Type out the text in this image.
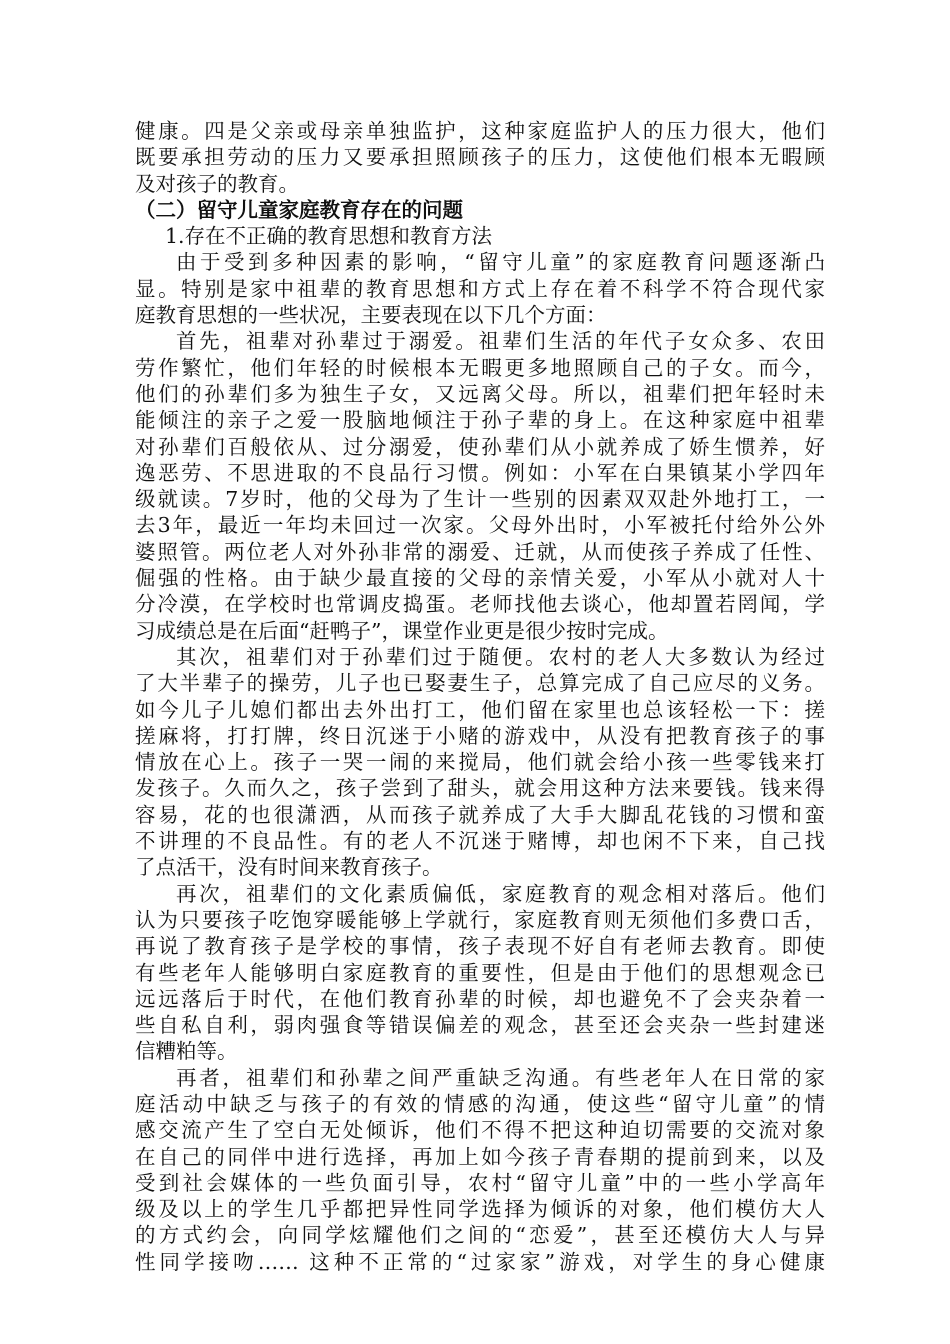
健康。四是父亲或母亲单独监护，这种家庭监护人的压力很大，他们
既要承担劳动的压力又要承担照顾孩子的压力，这使他们根本无暇顾
及对孩子的教育。
（二）留守儿童家庭教育存在的问题
1.存在不正确的教育思想和教育方法
由于受到多种因素的影响，“留守儿童”的家庭教育问题逐渐凸
显。特别是家中祖辈的教育思想和方式上存在着不科学不符合现代家
庭教育思想的一些状况，主要表现在以下几个方面：
首先，祖辈对孙辈过于溺爱。祖辈们生活的年代子女众多、农田
劳作繁忙，他们年轻的时候根本无暇更多地照顾自己的子女。而今，
他们的孙辈们多为独生子女，又远离父母。所以，祖辈们把年轻时未
能倾注的亲子之爱一股脑地倾注于孙子辈的身上。在这种家庭中祖辈
对孙辈们百般依从、过分溺爱，使孙辈们从小就养成了娇生惯养，好
逸恶劳、不思进取的不良品行习惯。例如：小军在白果镇某小学四年
级就读。7岁时，他的父母为了生计一些别的因素双双赴外地打工，一
去3年，最近一年均未回过一次家。父母外出时，小军被托付给外公外
婆照管。两位老人对外孙非常的溺爱、迁就，从而使孩子养成了任性、
倔强的性格。由于缺少最直接的父母的亲情关爱，小军从小就对人十
分冷漠，在学校时也常调皮捣蛋。老师找他去谈心，他却置若罔闻，学
习成绩总是在后面“赶鸭子”，课堂作业更是很少按时完成。
其次，祖辈们对于孙辈们过于随便。农村的老人大多数认为经过
了大半辈子的操劳，儿子也已娶妻生子，总算完成了自己应尽的义务。
如今儿子儿媳们都出去外出打工，他们留在家里也总该轻松一下：搓
搓麻将，打打牌，终日沉迷于小赌的游戏中，从没有把教育孩子的事
情放在心上。孩子一哭一闹的来搅局，他们就会给小孩一些零钱来打
发孩子。久而久之，孩子尝到了甜头，就会用这种方法来要钱。钱来得
容易，花的也很潇洒，从而孩子就养成了大手大脚乱花钱的习惯和蛮
不讲理的不良品性。有的老人不沉迷于赌博，却也闲不下来，自己找
了点活干，没有时间来教育孩子。
再次，祖辈们的文化素质偏低，家庭教育的观念相对落后。他们
认为只要孩子吃饱穿暖能够上学就行，家庭教育则无须他们多费口舌，
再说了教育孩子是学校的事情，孩子表现不好自有老师去教育。即使
有些老年人能够明白家庭教育的重要性，但是由于他们的思想观念已
远远落后于时代，在他们教育孙辈的时候，却也避免不了会夹杂着一
些自私自利，弱肉强食等错误偏差的观念，甚至还会夹杂一些封建迷
信糟粕等。
再者，祖辈们和孙辈之间严重缺乏沟通。有些老年人在日常的家
庭活动中缺乏与孩子的有效的情感的沟通，使这些“留守儿童”的情
感交流产生了空白无处倾诉，他们不得不把这种迫切需要的交流对象
在自己的同伴中进行选择，再加上如今孩子青春期的提前到来，以及
受到社会媒体的一些负面引导，农村“留守儿童”中的一些小学高年
级及以上的学生几乎都把异性同学选择为倾诉的对象，他们模仿大人
的方式约会，向同学炫耀他们之间的“恋爱”，甚至还模仿大人与异
性同学接吻…… 这种不正常的“过家家”游戏，对学生的身心健康
